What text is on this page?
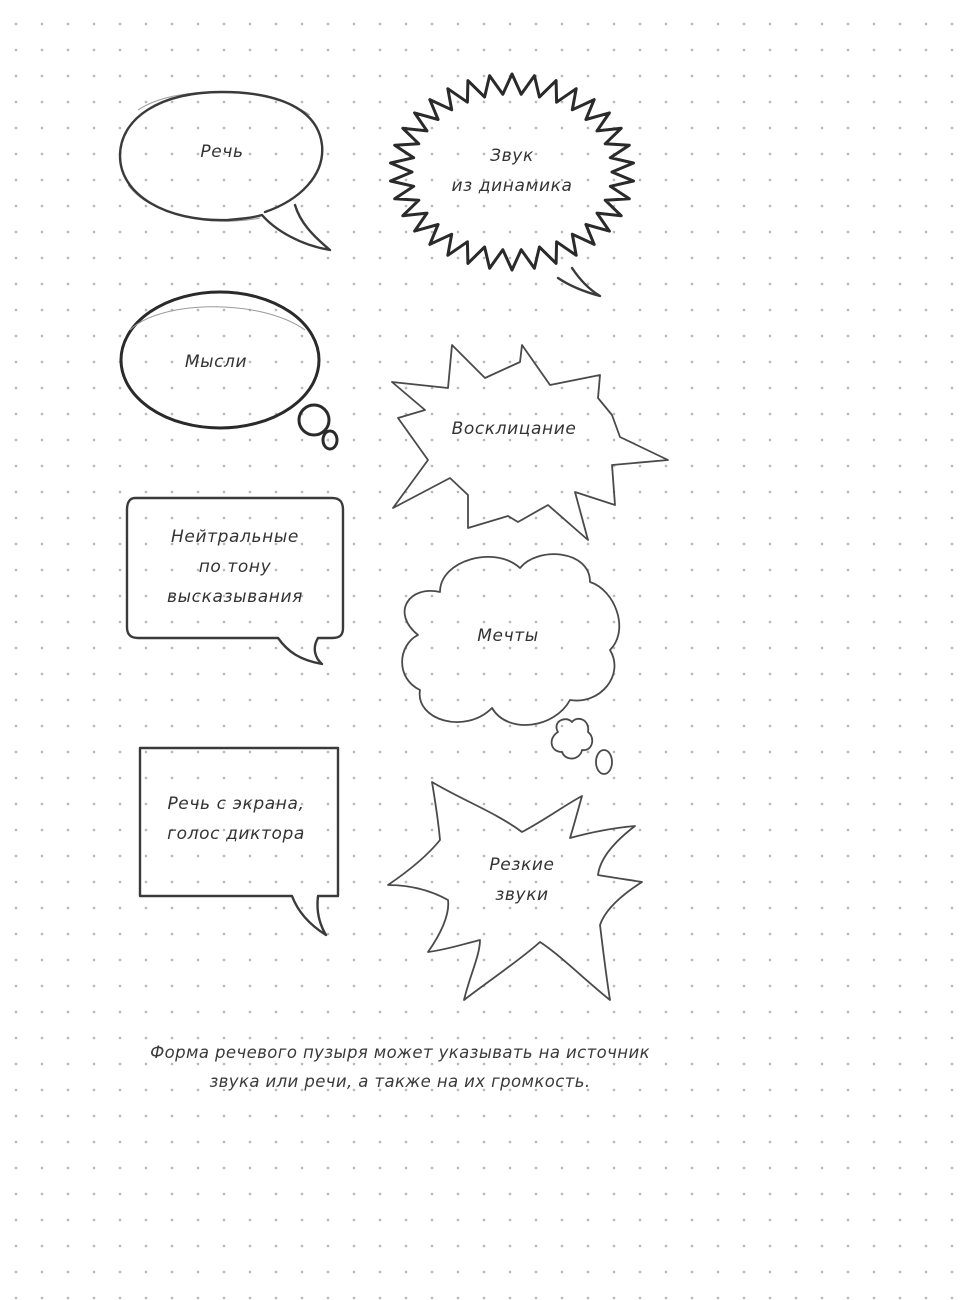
Речь	Звук
из динамика
Мысли
Восклицание
Нейтральные
по тону
высказывания
Мечты
Речь с экрана,
голос диктора
Резкие
звуки
Форма речевого пузыря может указывать на источник
звука или речи, а также на их громкость.
